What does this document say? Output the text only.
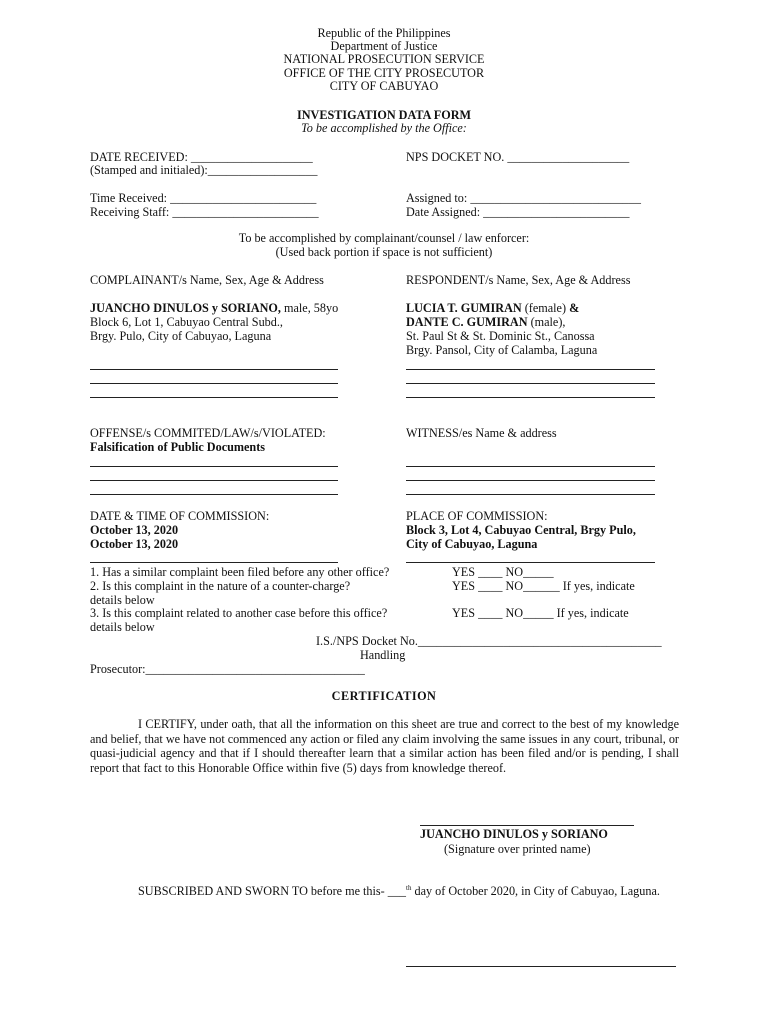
Republic of the Philippines
Department of Justice
NATIONAL PROSECUTION SERVICE
OFFICE OF THE CITY PROSECUTOR
CITY OF CABUYAO
INVESTIGATION DATA FORM
To be accomplished by the Office:
DATE RECEIVED: ____________________
(Stamped and initialed):__________________
NPS DOCKET NO. ____________________
Time Received: ________________________
Receiving Staff: ________________________
Assigned to: ____________________________
Date Assigned: ________________________
To be accomplished by complainant/counsel / law enforcer:
(Used back portion if space is not sufficient)
COMPLAINANT/s Name, Sex, Age & Address
JUANCHO DINULOS y SORIANO, male, 58yo
Block 6, Lot 1, Cabuyao Central Subd.,
Brgy. Pulo, City of Cabuyao, Laguna
RESPONDENT/s Name, Sex, Age & Address
LUCIA T. GUMIRAN (female) &
DANTE C. GUMIRAN (male),
St. Paul St & St. Dominic St., Canossa
Brgy. Pansol, City of Calamba, Laguna
OFFENSE/s COMMITED/LAW/s/VIOLATED:
Falsification of Public Documents
WITNESS/es Name & address
DATE & TIME OF COMMISSION:
October 13, 2020
October 13, 2020
PLACE OF COMMISSION:
Block 3, Lot 4, Cabuyao Central, Brgy Pulo,
City of Cabuyao, Laguna
1. Has a similar complaint been filed before any other office?	YES ____ NO_____
2. Is this complaint in the nature of a counter-charge?	YES ____ NO______ If yes, indicate
details below
3. Is this complaint related to another case before this office?	YES ____ NO_____ If yes, indicate
details below
I.S./NPS Docket No.________________________________________
Handling
Prosecutor:____________________________________
CERTIFICATION
I CERTIFY, under oath, that all the information on this sheet are true and correct to the best of my knowledge and belief, that we have not commenced any action or filed any claim involving the same issues in any court, tribunal, or quasi-judicial agency and that if I should thereafter learn that a similar action has been filed and/or is pending, I shall report that fact to this Honorable Office within five (5) days from knowledge thereof.
JUANCHO DINULOS y SORIANO
(Signature over printed name)
SUBSCRIBED AND SWORN TO before me this- ___$^{th}$ day of October 2020, in City of Cabuyao, Laguna.
